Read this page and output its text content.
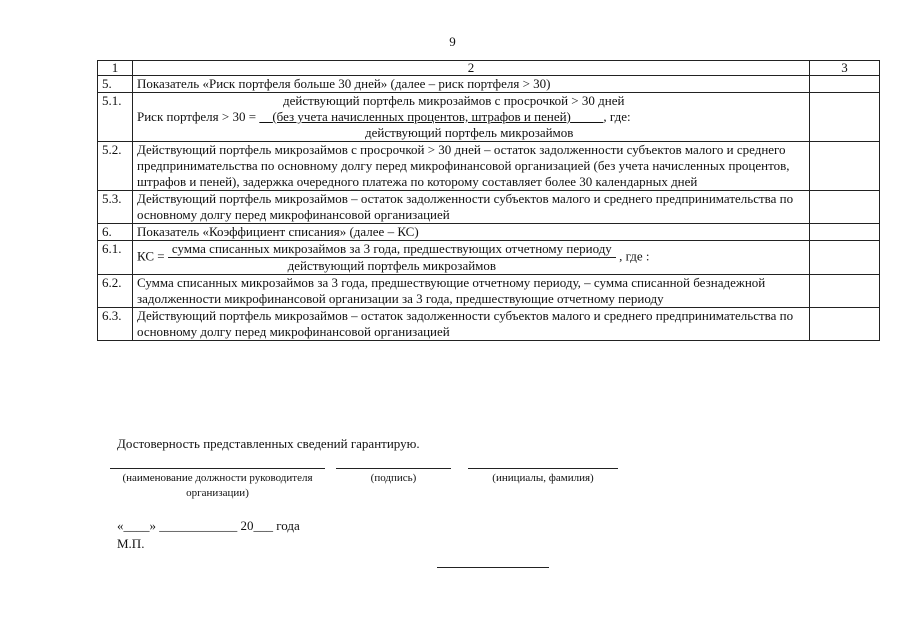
9
1	2	3
5.	Показатель «Риск портфеля больше 30 дней» (далее – риск портфеля > 30)	
5.1.	действующий портфель микрозаймов с просрочкой > 30 дней
Риск портфеля > 30 = (без учета начисленных процентов, штрафов и пеней) , где:
действующий портфель микрозаймов	

5.2.	Действующий портфель микрозаймов с просрочкой > 30 дней – остаток задолженности субъектов малого и среднего предпринимательства по основному долгу перед микрофинансовой организацией (без учета начисленных процентов, штрафов и пеней), задержка очередного платежа по которому составляет более 30 календарных дней	
5.3.	Действующий портфель микрозаймов – остаток задолженности субъектов малого и среднего предпринимательства по основному долгу перед микрофинансовой организацией	
6.	Показатель «Коэффициент списания» (далее – КС)	
6.1.	КС = сумма списанных микрозаймов за 3 года, предшествующих отчетному периоду
действующий портфель микрозаймов
, где :	
6.2.	Сумма списанных микрозаймов за 3 года, предшествующие отчетному периоду, – сумма списанной безнадежной задолженности микрофинансовой организации за 3 года, предшествующие отчетному периоду	
6.3.	Действующий портфель микрозаймов – остаток задолженности субъектов малого и среднего предпринимательства по основному долгу перед микрофинансовой организацией	
Достоверность представленных сведений гарантирую.
(наименование должности руководителя организации)
(подпись)	(инициалы, фамилия)
«____» ____________ 20___ года
М.П.
